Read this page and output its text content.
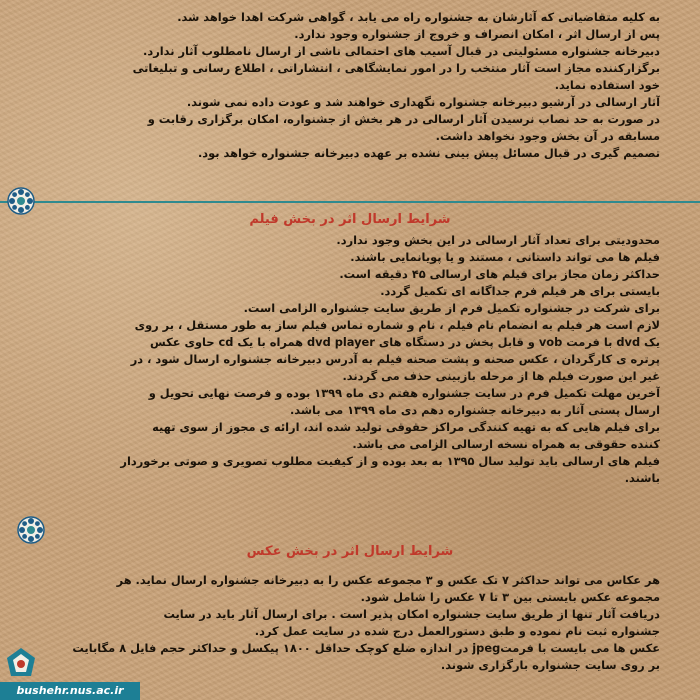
به کلیه متقاضیانی که آثارشان به جشنواره راه می یابد ، گواهی شرکت اهدا خواهد شد.
پس از ارسال اثر ، امکان انصراف و خروج از جشنواره وجود ندارد.
دبیرخانه جشنواره مسئولیتی در قبال آسیب های احتمالی ناشی از ارسال نامطلوب آثار ندارد.
برگزارکننده مجاز است آثار منتخب را در امور نمایشگاهی ، انتشاراتی ، اطلاع رسانی و تبلیغاتی
خود استفاده نماید.
آثار ارسالی در آرشیو دبیرخانه جشنواره نگهداری خواهند شد و عودت داده نمی شوند.
در صورت به حد نصاب نرسیدن آثار ارسالی در هر بخش از جشنواره، امکان برگزاری رقابت و
مسابقه در آن بخش وجود نخواهد داشت.
تصمیم گیری در قبال مسائل پیش بینی نشده بر عهده دبیرخانه جشنواره خواهد بود.
شرایط ارسال اثر در بخش فیلم
محدودیتی برای تعداد آثار ارسالی در این بخش وجود ندارد.
فیلم ها می تواند داستانی ، مستند و یا پویانمایی باشند.
حداکثر زمان مجاز برای فیلم های ارسالی ۴۵ دقیقه است.
بایستی برای هر فیلم فرم جداگانه ای تکمیل گردد.
برای شرکت در جشنواره تکمیل فرم از طریق سایت جشنواره الزامی است.
لازم است هر فیلم به انضمام نام فیلم ، نام و شماره تماس فیلم ساز به طور مستقل ، بر روی
یک dvd با فرمت vob و قابل پخش در دستگاه های dvd player همراه با یک cd حاوی عکس
پرتره ی کارگردان ، عکس صحنه و پشت صحنه فیلم به آدرس دبیرخانه جشنواره ارسال شود ، در
غیر این صورت فیلم ها از مرحله بازبینی حذف می گردند.
آخرین مهلت تکمیل فرم در سایت جشنواره هفتم دی ماه ۱۳۹۹ بوده و فرصت نهایی تحویل و
ارسال پستی آثار به دبیرخانه جشنواره دهم دی ماه ۱۳۹۹ می باشد.
برای فیلم هایی که به تهیه کنندگی مراکز حقوقی تولید شده اند، ارائه ی مجوز از سوی تهیه
کننده حقوقی به همراه نسخه ارسالی الزامی می باشد.
فیلم های ارسالی باید تولید سال ۱۳۹۵ به بعد بوده و از کیفیت مطلوب تصویری و صوتی برخوردار
باشند.
شرایط ارسال اثر در بخش عکس
هر عکاس می تواند حداکثر ۷ تک عکس و ۳ مجموعه عکس را به دبیرخانه جشنواره ارسال نماید. هر
مجموعه عکس بایستی بین ۳ تا ۷ عکس را شامل شود.
دریافت آثار تنها از طریق سایت جشنواره امکان پذیر است . برای ارسال آثار باید در سایت
جشنواره ثبت نام نموده و طبق دستورالعمل درج شده در سایت عمل کرد.
عکس ها می بایست با فرمتjpeg در اندازه ضلع کوچک حداقل ۱۸۰۰ پیکسل و حداکثر حجم فایل ۸ مگابایت
بر روی سایت جشنواره بارگزاری شوند.
bushehr.nus.ac.ir
